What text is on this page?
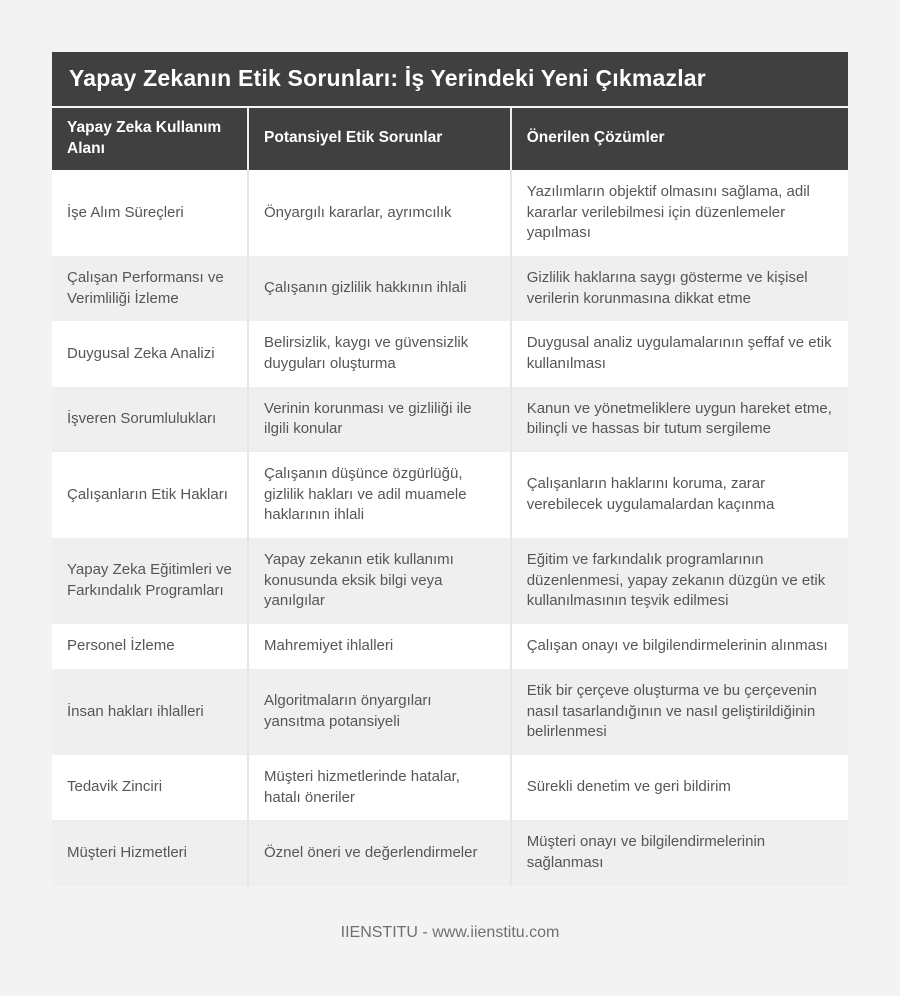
Yapay Zekanın Etik Sorunları: İş Yerindeki Yeni Çıkmazlar
Yapay Zeka Kullanım Alanı	Potansiyel Etik Sorunlar	Önerilen Çözümler
İşe Alım Süreçleri	Önyargılı kararlar, ayrımcılık	Yazılımların objektif olmasını sağlama, adil kararlar verilebilmesi için düzenlemeler yapılması
Çalışan Performansı ve Verimliliği İzleme	Çalışanın gizlilik hakkının ihlali	Gizlilik haklarına saygı gösterme ve kişisel verilerin korunmasına dikkat etme
Duygusal Zeka Analizi	Belirsizlik, kaygı ve güvensizlik duyguları oluşturma	Duygusal analiz uygulamalarının şeffaf ve etik kullanılması
İşveren Sorumlulukları	Verinin korunması ve gizliliği ile ilgili konular	Kanun ve yönetmeliklere uygun hareket etme, bilinçli ve hassas bir tutum sergileme
Çalışanların Etik Hakları	Çalışanın düşünce özgürlüğü, gizlilik hakları ve adil muamele haklarının ihlali	Çalışanların haklarını koruma, zarar verebilecek uygulamalardan kaçınma
Yapay Zeka Eğitimleri ve Farkındalık Programları	Yapay zekanın etik kullanımı konusunda eksik bilgi veya yanılgılar	Eğitim ve farkındalık programlarının düzenlenmesi, yapay zekanın düzgün ve etik kullanılmasının teşvik edilmesi
Personel İzleme	Mahremiyet ihlalleri	Çalışan onayı ve bilgilendirmelerinin alınması
İnsan hakları ihlalleri	Algoritmaların önyargıları yansıtma potansiyeli	Etik bir çerçeve oluşturma ve bu çerçevenin nasıl tasarlandığının ve nasıl geliştirildiğinin belirlenmesi
Tedavik Zinciri	Müşteri hizmetlerinde hatalar, hatalı öneriler	Sürekli denetim ve geri bildirim
Müşteri Hizmetleri	Öznel öneri ve değerlendirmeler	Müşteri onayı ve bilgilendirmelerinin sağlanması
IIENSTITU - www.iienstitu.com
